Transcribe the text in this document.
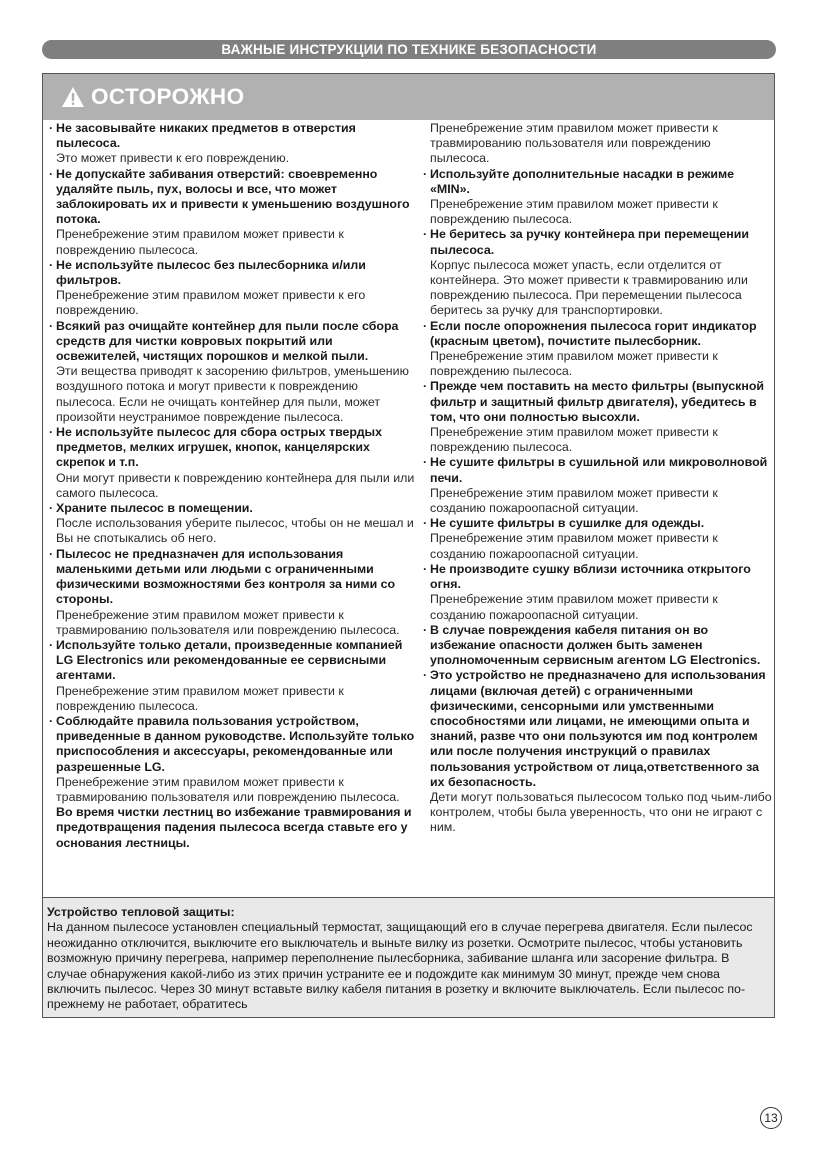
ВАЖНЫЕ ИНСТРУКЦИИ ПО ТЕХНИКЕ БЕЗОПАСНОСТИ
ОСТОРОЖНО
· Не засовывайте никаких предметов в отверстия пылесоса.
Это может привести к его повреждению.
· Не допускайте забивания отверстий: своевременно удаляйте пыль, пух, волосы и все, что может заблокировать их и привести к уменьшению воздушного потока.
Пренебрежение этим правилом может привести к повреждению пылесоса.
· Не используйте пылесос без пылесборника и/или фильтров.
Пренебрежение этим правилом может привести к его повреждению.
· Всякий раз очищайте контейнер для пыли после сбора средств для чистки ковровых покрытий или освежителей, чистящих порошков и мелкой пыли.
Эти вещества приводят к засорению фильтров, уменьшению воздушного потока и могут привести к повреждению пылесоса. Если не очищать контейнер для пыли, может произойти неустранимое повреждение пылесоса.
· Не используйте пылесос для сбора острых твердых предметов, мелких игрушек, кнопок, канцелярских скрепок и т.п.
Они могут привести к повреждению контейнера для пыли или самого пылесоса.
· Храните пылесос в помещении.
После использования уберите пылесос, чтобы он не мешал и Вы не спотыкались об него.
· Пылесос не предназначен для использования маленькими детьми или людьми с ограниченными физическими возможностями без контроля за ними со стороны.
Пренебрежение этим правилом может привести к травмированию пользователя или повреждению пылесоса.
· Используйте только детали, произведенные компанией LG Electronics или рекомендованные ее сервисными агентами.
Пренебрежение этим правилом может привести к повреждению пылесоса.
· Соблюдайте правила пользования устройством, приведенные в данном руководстве. Используйте только приспособления и аксессуары, рекомендованные или разрешенные LG.
Пренебрежение этим правилом может привести к травмированию пользователя или повреждению пылесоса.
Во время чистки лестниц во избежание травмирования и предотвращения падения пылесоса всегда ставьте его у основания лестницы.
Пренебрежение этим правилом может привести к травмированию пользователя или повреждению пылесоса.
· Используйте дополнительные насадки в режиме «MIN».
Пренебрежение этим правилом может привести к повреждению пылесоса.
· Не беритесь за ручку контейнера при перемещении пылесоса.
Корпус пылесоса может упасть, если отделится от контейнера. Это может привести к травмированию или повреждению пылесоса. При перемещении пылесоса беритесь за ручку для транспортировки.
· Если после опорожнения пылесоса горит индикатор (красным цветом), почистите пылесборник.
Пренебрежение этим правилом может привести к повреждению пылесоса.
· Прежде чем поставить на место фильтры (выпускной фильтр и защитный фильтр двигателя), убедитесь в том, что они полностью высохли.
Пренебрежение этим правилом может привести к повреждению пылесоса.
· Не сушите фильтры в сушильной или микроволновой печи.
Пренебрежение этим правилом может привести к созданию пожароопасной ситуации.
· Не сушите фильтры в сушилке для одежды.
Пренебрежение этим правилом может привести к созданию пожароопасной ситуации.
· Не производите сушку вблизи источника открытого огня.
Пренебрежение этим правилом может привести к созданию пожароопасной ситуации.
· В случае повреждения кабеля питания он во избежание опасности должен быть заменен уполномоченным сервисным агентом LG Electronics.
· Это устройство не предназначено для использования лицами (включая детей) с ограниченными физическими, сенсорными или умственными способностями или лицами, не имеющими опыта и знаний, разве что они пользуются им под контролем или после получения инструкций о правилах пользования устройством от лица,ответственного за их безопасность.
Дети могут пользоваться пылесосом только под чьим-либо контролем, чтобы была уверенность, что они не играют с ним.
Устройство тепловой защиты:
На данном пылесосе установлен специальный термостат, защищающий его в случае перегрева двигателя. Если пылесос неожиданно отключится, выключите его выключатель и выньте вилку из розетки. Осмотрите пылесос, чтобы установить возможную причину перегрева, например переполнение пылесборника, забивание шланга или засорение фильтра. В случае обнаружения какой-либо из этих причин устраните ее и подождите как минимум 30 минут, прежде чем снова включить пылесос. Через 30 минут вставьте вилку кабеля питания в розетку и включите выключатель. Если пылесос по-прежнему не работает, обратитесь
13
